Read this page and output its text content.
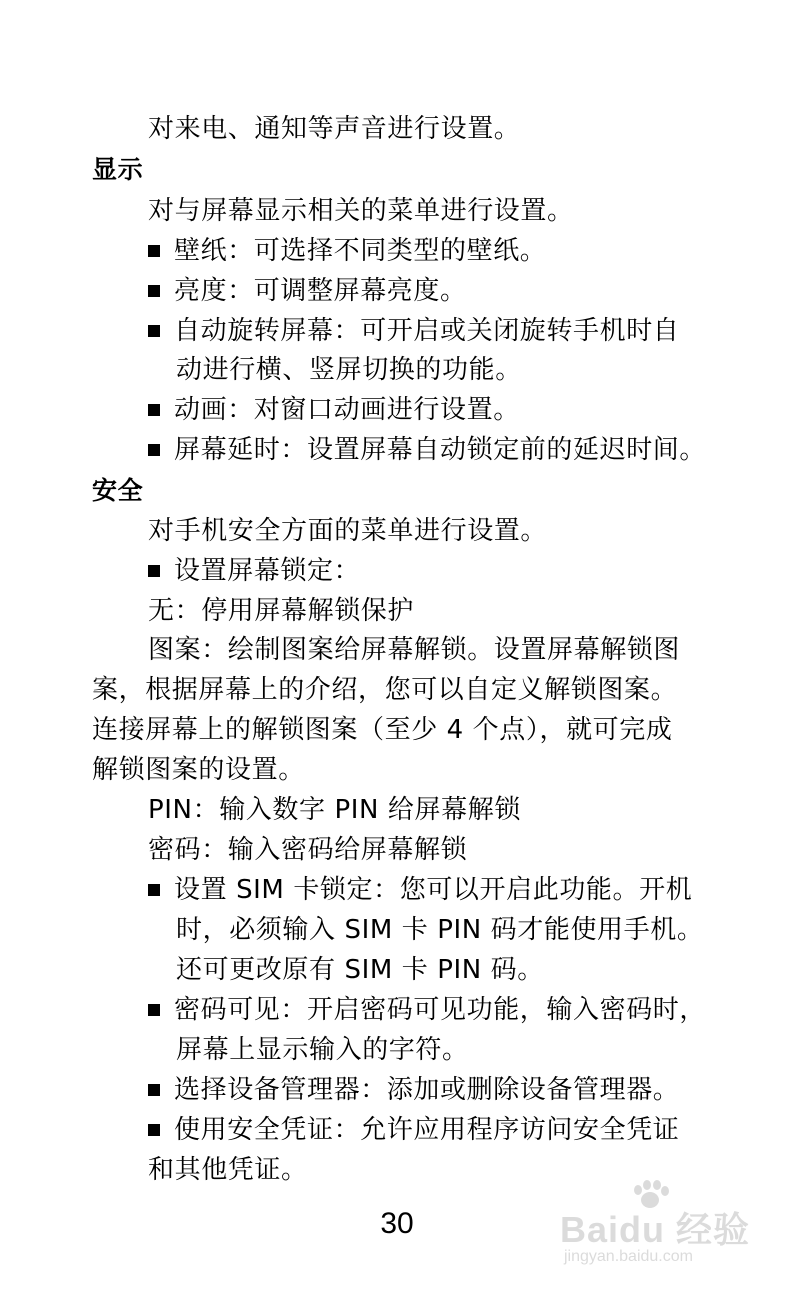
对来电、通知等声音进行设置。
显示
对与屏幕显示相关的菜单进行设置。
壁纸：可选择不同类型的壁纸。
亮度：可调整屏幕亮度。
自动旋转屏幕：可开启或关闭旋转手机时自
动进行横、竖屏切换的功能。
动画：对窗口动画进行设置。
屏幕延时：设置屏幕自动锁定前的延迟时间。
安全
对手机安全方面的菜单进行设置。
设置屏幕锁定：
无：停用屏幕解锁保护
图案：绘制图案给屏幕解锁。设置屏幕解锁图
案，根据屏幕上的介绍，您可以自定义解锁图案。
连接屏幕上的解锁图案（至少 4 个点），就可完成
解锁图案的设置。
PIN：输入数字 PIN 给屏幕解锁
密码：输入密码给屏幕解锁
设置 SIM 卡锁定：您可以开启此功能。开机
时，必须输入 SIM 卡 PIN 码才能使用手机。
还可更改原有 SIM 卡 PIN 码。
密码可见：开启密码可见功能，输入密码时，
屏幕上显示输入的字符。
选择设备管理器：添加或删除设备管理器。
使用安全凭证：允许应用程序访问安全凭证
和其他凭证。
30	Baidu 经验
jingyan.baidu.com
